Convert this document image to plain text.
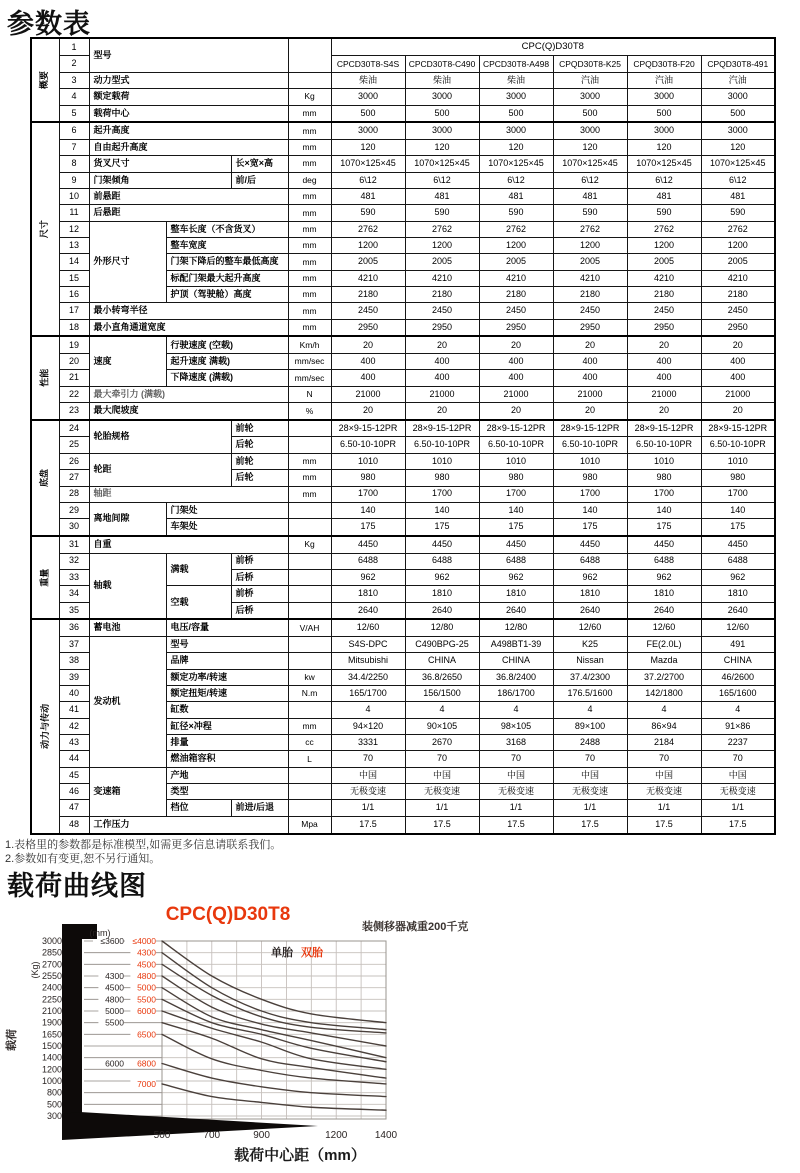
参数表
概要	1	型号				CPC(Q)D30T8					
	2					CPCD30T8-S4S	CPCD30T8-C490	CPCD30T8-A498	CPQD30T8-K25	CPQD30T8-F20	CPQD30T8-491
	3	动力型式				柴油	柴油	柴油	汽油	汽油	汽油
	4	额定载荷			Kg	3000	3000	3000	3000	3000	3000
	5	载荷中心			mm	500	500	500	500	500	500

尺寸	6	起升高度			mm	3000	3000	3000	3000	3000	3000
	7	自由起升高度			mm	120	120	120	120	120	120
	8	货叉尺寸		长×宽×高	mm	1070×125×45	1070×125×45	1070×125×45	1070×125×45	1070×125×45	1070×125×45
	9	门架倾角		前/后	deg	6\12	6\12	6\12	6\12	6\12	6\12
	10	前悬距			mm	481	481	481	481	481	481
	11	后悬距			mm	590	590	590	590	590	590
	12	外形尺寸	整车长度（不含货叉）		mm	2762	2762	2762	2762	2762	2762
	13		整车宽度		mm	1200	1200	1200	1200	1200	1200
	14		门架下降后的整车最低高度		mm	2005	2005	2005	2005	2005	2005
	15		标配门架最大起升高度		mm	4210	4210	4210	4210	4210	4210
	16		护顶（驾驶舱）高度		mm	2180	2180	2180	2180	2180	2180
	17	最小转弯半径			mm	2450	2450	2450	2450	2450	2450
	18	最小直角通道宽度			mm	2950	2950	2950	2950	2950	2950

性能	19	速度	行驶速度 (空载)		Km/h	20	20	20	20	20	20
	20		起升速度 满载)		mm/sec	400	400	400	400	400	400
	21		下降速度 (满载)		mm/sec	400	400	400	400	400	400
	22	最大牵引力 (满载)			N	21000	21000	21000	21000	21000	21000
	23	最大爬坡度			%	20	20	20	20	20	20

底盘	24	轮胎规格		前轮		28×9-15-12PR	28×9-15-12PR	28×9-15-12PR	28×9-15-12PR	28×9-15-12PR	28×9-15-12PR
	25			后轮		6.50-10-10PR	6.50-10-10PR	6.50-10-10PR	6.50-10-10PR	6.50-10-10PR	6.50-10-10PR
	26	轮距		前轮	mm	1010	1010	1010	1010	1010	1010
	27			后轮	mm	980	980	980	980	980	980
	28	轴距			mm	1700	1700	1700	1700	1700	1700
	29	离地间隙	门架处			140	140	140	140	140	140
	30		车架处			175	175	175	175	175	175

重量	31	自重			Kg	4450	4450	4450	4450	4450	4450
	32	轴载	满载	前桥		6488	6488	6488	6488	6488	6488
	33			后桥		962	962	962	962	962	962
	34		空载	前桥		1810	1810	1810	1810	1810	1810
	35			后桥		2640	2640	2640	2640	2640	2640

动力与传动	36	蓄电池	电压/容量		V/AH	12/60	12/80	12/80	12/60	12/60	12/60
	37	发动机	型号			S4S-DPC	C490BPG-25	A498BT1-39	K25	FE(2.0L)	491
	38		品牌			Mitsubishi	CHINA	CHINA	Nissan	Mazda	CHINA
	39		额定功率/转速		kw	34.4/2250	36.8/2650	36.8/2400	37.4/2300	37.2/2700	46/2600
	40		额定扭矩/转速		N.m	165/1700	156/1500	186/1700	176.5/1600	142/1800	165/1600
	41		缸数			4	4	4	4	4	4
	42		缸径×冲程		mm	94×120	90×105	98×105	89×100	86×94	91×86
	43		排量		cc	3331	2670	3168	2488	2184	2237
	44		燃油箱容积		L	70	70	70	70	70	70
	45	变速箱	产地			中国	中国	中国	中国	中国	中国
	46		类型			无极变速	无极变速	无极变速	无极变速	无极变速	无极变速
	47		档位	前进/后退		1/1	1/1	1/1	1/1	1/1	1/1
	48	工作压力			Mpa	17.5	17.5	17.5	17.5	17.5	17.5
1.表格里的参数都是标准模型,如需更多信息请联系我们。
2.参数如有变更,恕不另行通知。
载荷曲线图
3000
2850
2700
2550
2400
2250
2100
1900
1650
1500
1400
1200
1000
800
500
300
≤3600 ≤4000
4300
4500
4300 4800
4500 5000
4800 5500
5000 6000
5500
6500
6000 6800
7000
500	700	900	1200	1400
载荷中心距（mm）
(mm)
(Kg)
载荷
CPC(Q)D30T8
装侧移器减重200千克
单胎 双胎
